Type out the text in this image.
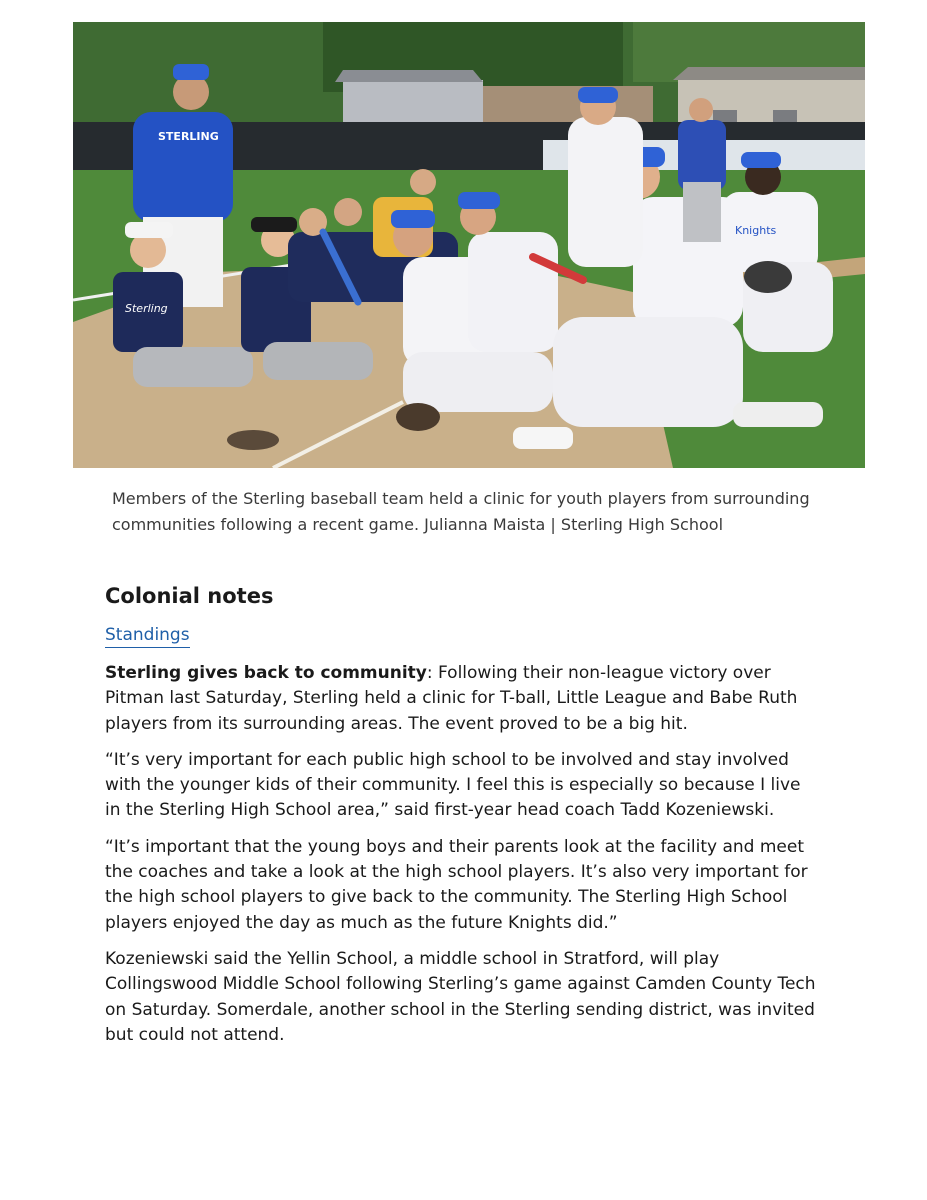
STERLING
Sterling
Knights

Members of the Sterling baseball team held a clinic for youth players from surrounding communities following a recent game. Julianna Maista | Sterling High School

Colonial notes
Standings

Sterling gives back to community: Following their non-league victory over Pitman last Saturday, Sterling held a clinic for T-ball, Little League and Babe Ruth players from its surrounding areas. The event proved to be a big hit.

“It’s very important for each public high school to be involved and stay involved with the younger kids of their community. I feel this is especially so because I live in the Sterling High School area,” said first-year head coach Tadd Kozeniewski.

“It’s important that the young boys and their parents look at the facility and meet the coaches and take a look at the high school players. It’s also very important for the high school players to give back to the community. The Sterling High School players enjoyed the day as much as the future Knights did.”

Kozeniewski said the Yellin School, a middle school in Stratford, will play Collingswood Middle School following Sterling’s game against Camden County Tech on Saturday. Somerdale, another school in the Sterling sending district, was invited but could not attend.
